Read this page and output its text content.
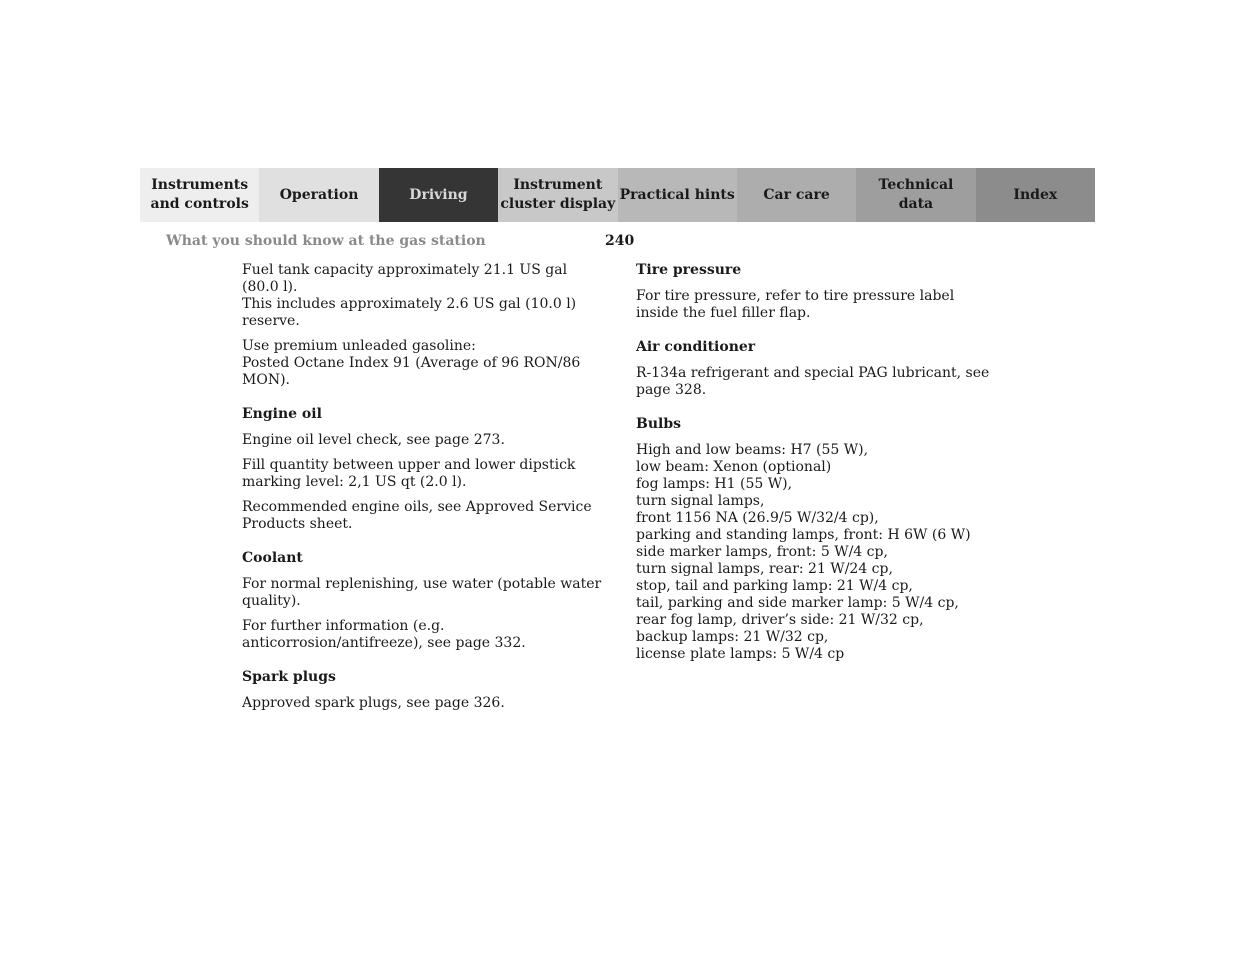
Instruments
and controls
Operation	Driving
Instrument
cluster display
Practical hints	Car care
Technical
data
Index
What you should know at the gas station	240

Fuel tank capacity approximately 21.1 US gal (80.0 l).
This includes approximately 2.6 US gal (10.0 l) reserve.

Use premium unleaded gasoline:
Posted Octane Index 91 (Average of 96 RON/86 MON).

Engine oil

Engine oil level check, see page 273.

Fill quantity between upper and lower dipstick marking level: 2,1 US qt (2.0 l).

Recommended engine oils, see Approved Service Products sheet.

Coolant

For normal replenishing, use water (potable water quality).

For further information (e.g. anticorrosion/antifreeze), see page 332.

Spark plugs

Approved spark plugs, see page 326.

Tire pressure

For tire pressure, refer to tire pressure label inside the fuel filler flap.

Air conditioner

R-134a refrigerant and special PAG lubricant, see
page 328.

Bulbs

High and low beams: H7 (55 W),
low beam: Xenon (optional)
fog lamps: H1 (55 W),
turn signal lamps,
front 1156 NA (26.9/5 W/32/4 cp),
parking and standing lamps, front: H 6W (6 W)
side marker lamps, front: 5 W/4 cp,
turn signal lamps, rear: 21 W/24 cp,
stop, tail and parking lamp: 21 W/4 cp,
tail, parking and side marker lamp: 5 W/4 cp,
rear fog lamp, driver’s side: 21 W/32 cp,
backup lamps: 21 W/32 cp,
license plate lamps: 5 W/4 cp
